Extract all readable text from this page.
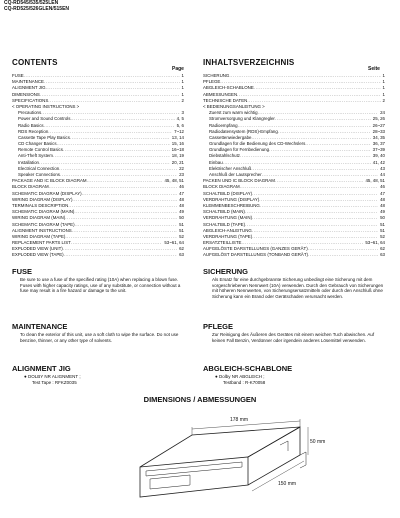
CQ-RD545/535/525LEN
CQ-RD525/526GLEN/515EN
CONTENTS
Page
FUSE .....	1
MAINTENANCE .....	1
ALIGNMENT JIG .....	1
DIMENSIONS .....	1
SPECIFICATIONS .....	2
< OPERATING INSTRUCTIONS >
Precautions .....	3
Power and Sound Controls .....	4, 5
Radio Basics .....	5, 6
RDS Reception .....	7~12
Cassette Tape Play Basics .....	13, 14
CD Changer Basics .....	15, 16
Remote Control Basics .....	16~18
Anti-Theft System .....	18, 19
Installation .....	20, 21
Electrical Connection .....	22
Speaker Connections .....	23
PACKAGE AND IC BLOCK DIAGRAM .....	45, 48, 51
BLOCK DIAGRAM .....	46
SCHEMATIC DIAGRAM (DISPLAY) .....	47
WIRING DIAGRAM (DISPLAY) .....	48
TERMINALS DESCRIPTION .....	48
SCHEMATIC DIAGRAM (MAIN) .....	49
WIRING DIAGRAM (MAIN) .....	50
SCHEMATIC DIAGRAM (TAPE) .....	51
ALIGNMENT INSTRUCTIONS .....	51
WIRING DIAGRAM (TAPE) .....	52
REPLACEMENT PARTS LIST .....	53~61, 64
EXPLODED VIEW (UNIT) .....	62
EXPLODED VIEW (TAPE) .....	63
INHALTSVERZEICHNIS
Seite
SICHERUNG .....	1
PFLEGE .....	1
ABGLEICH-SCHABLONE .....	1
ABMESSUNGEN .....	1
TECHNISCHE DATEN .....	2
< BEDIENUNGSANLEITUNG >
Zuerst zum warm wichtig .....	24
Stromversorgung und Klangregler .....	25, 26
Radioempfang .....	26~27
Radiodatensystem (RDS)-Empfang .....	28~33
Cassettenwiedergabe .....	34, 35
Grundlagen für die Bedienung des CD-Wechslers .....	36, 37
Grundlagen für Fernbedienung .....	37~39
Diebstahlschutz .....	39, 40
Einbau .....	41, 42
Elektrischer Anschluß .....	43
Anschluß der Lautsprecher .....	44
PACKEN UND IC BLOCK DIAGRAM .....	45, 48, 51
BLOCK DIAGRAM .....	46
SCHALTBILD (DISPLAY) .....	47
VERDRAHTUNG (DISPLAY) .....	48
KLEMMENBESCHREIBUNG .....	48
SCHALTBILD (MAIN) .....	49
VERDRAHTUNG (MAIN) .....	50
SCHALTBILD (TAPE) .....	51
ABGLEICH-ANLEITUNG .....	51
VERDRAHTUNG (TAPE) .....	52
ERSATZTEILLISTE .....	53~61, 64
AUFGELÖSTE DARSTELLUNGS (GANZES GERÄT) .....	62
AUFGELÖST DARSTELLUNGS (TONBAND GERÄT) .....	63
FUSE
Be sure to use a fuse of the specified rating (10A) when replacing a blown fuse. Fuses with higher capacity ratings, use of any substitute, or connection without a fuse may result in a fire hazard or damage to the unit.
SICHERUNG
Als Ersatz für eine durchgebrannte Sicherung unbedingt eine Sicherung mit dem vorgeschriebenen Nennwert (10A) verwenden. Durch den Gebrauch von Sicherungen mit höheren Nennwerten, von Sicherungsersatzmitteln oder durch den Anschluß ohne Sicherung kann ein Brand oder Gerätschaden verursacht werden.
MAINTENANCE
To clean the exterior of this unit, use a soft cloth to wipe the surface. Do not use benzine, thinner, or any other type of solvents.
PFLEGE
Zur Reinigung des Äußeren des Gerätes mit einem weichen Tuch abwischen. Auf keinen Fall Benzin, Verdünner oder irgendein anderes Lösemittel verwenden.
ALIGNMENT JIG
● DOLBY NR ALIGNMENT ;
Test Tape : RFKZ0035
ABGLEICH-SCHABLONE
● Dolby NR ABGLEICH ;
Testband : R-K70058
DIMENSIONS / ABMESSUNGEN
178 mm
50 mm
150 mm
